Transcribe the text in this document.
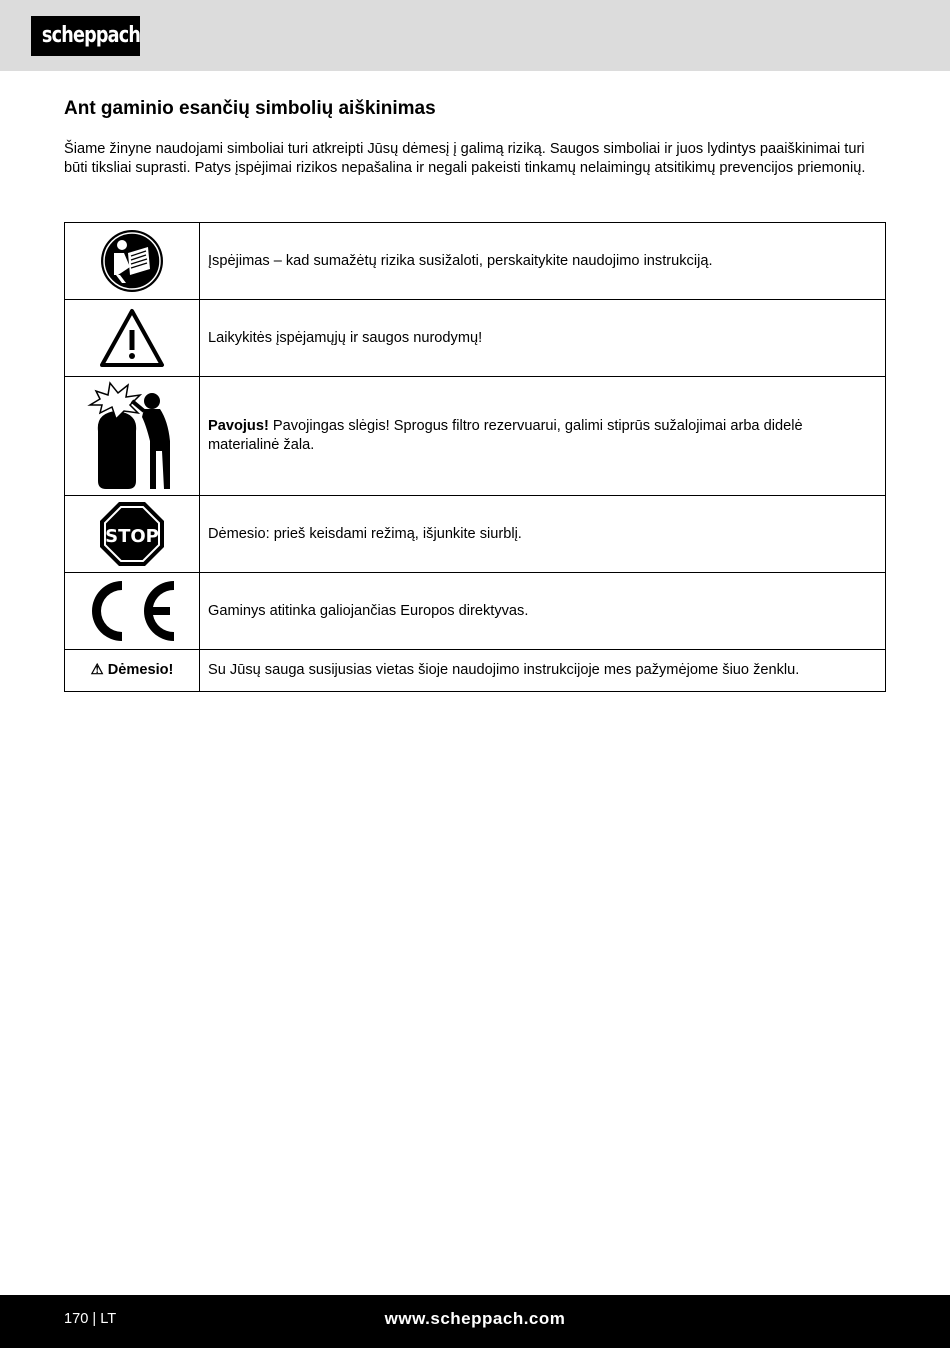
scheppach
Ant gaminio esančių simbolių aiškinimas

Šiame žinyne naudojami simboliai turi atkreipti Jūsų dėmesį į galimą riziką. Saugos simboliai ir juos lydintys paaiškinimai turi būti tiksliai suprasti. Patys įspėjimai rizikos nepašalina ir negali pakeisti tinkamų nelaimingų atsitikimų prevencijos priemonių.

	Įspėjimas – kad sumažėtų rizika susižaloti, perskaitykite naudojimo instrukciją.

	Laikykitės įspėjamųjų ir saugos nurodymų!

	Pavojus! Pavojingas slėgis! Sprogus filtro rezervuarui, galimi stiprūs sužalojimai arba didelė materialinė žala.

STOP	Dėmesio: prieš keisdami režimą, išjunkite siurblį.

	Gaminys atitinka galiojančias Europos direktyvas.
⚠ Dėmesio!	Su Jūsų sauga susijusias vietas šioje naudojimo instrukcijoje mes pažymėjome šiuo ženklu.
170 | LT	www.scheppach.com
